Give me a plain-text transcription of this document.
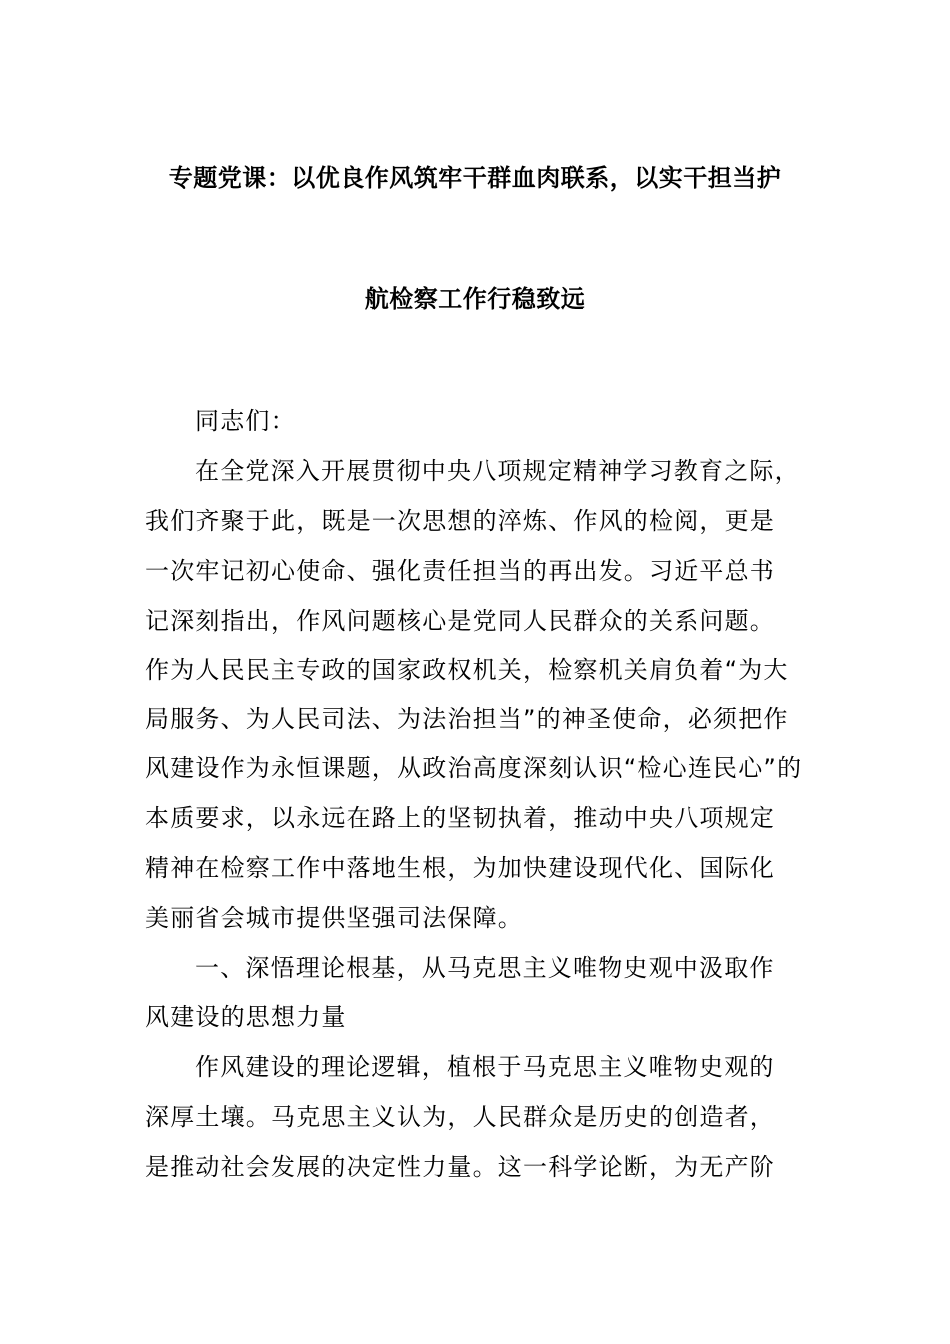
专题党课：以优良作风筑牢干群血肉联系，以实干担当护
航检察工作行稳致远
同志们：
在全党深入开展贯彻中央八项规定精神学习教育之际，
我们齐聚于此，既是一次思想的淬炼、作风的检阅，更是
一次牢记初心使命、强化责任担当的再出发。习近平总书
记深刻指出，作风问题核心是党同人民群众的关系问题。
作为人民民主专政的国家政权机关，检察机关肩负着“为大
局服务、为人民司法、为法治担当”的神圣使命，必须把作
风建设作为永恒课题，从政治高度深刻认识“检心连民心”的
本质要求，以永远在路上的坚韧执着，推动中央八项规定
精神在检察工作中落地生根，为加快建设现代化、国际化
美丽省会城市提供坚强司法保障。
一、深悟理论根基，从马克思主义唯物史观中汲取作
风建设的思想力量
作风建设的理论逻辑，植根于马克思主义唯物史观的
深厚土壤。马克思主义认为，人民群众是历史的创造者，
是推动社会发展的决定性力量。这一科学论断，为无产阶
